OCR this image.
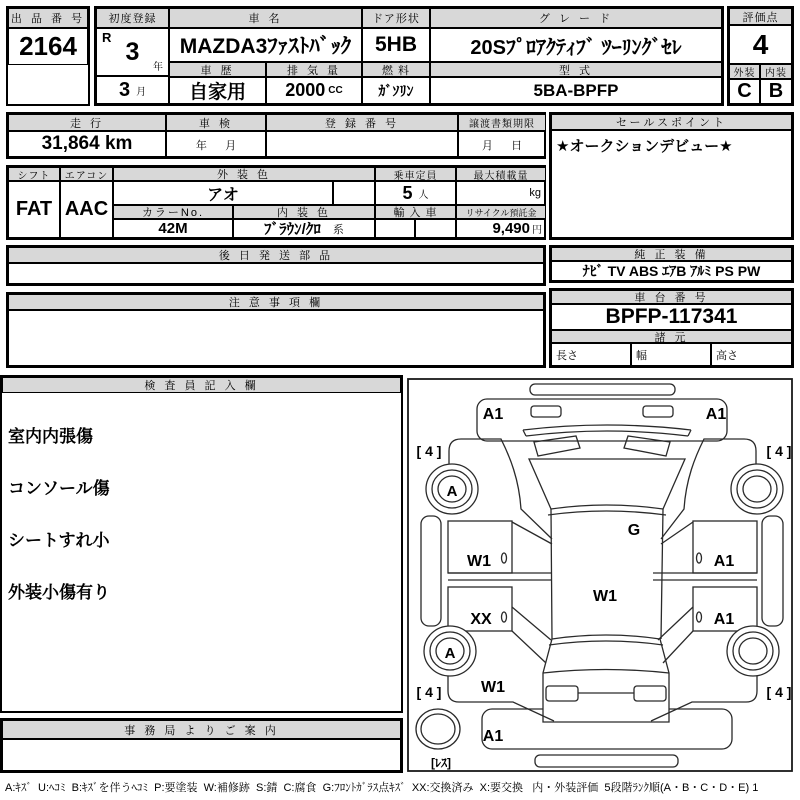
出 品 番 号
2164
初度登録
R 3
年
3 月
車 名
MAZDA3ﾌｧｽﾄﾊﾞｯｸ
ドア形状
5HB
グ レ ー ド
20Sﾌﾟﾛｱｸﾃｨﾌﾞ ﾂｰﾘﾝｸﾞｾﾚ
車 歴
自家用
排 気 量
2000 CC
燃 料
ｶﾞｿﾘﾝ
型 式
5BA-BPFP
評価点
4
外装 内装
C B
走 行
31,864 km
車 検
年      月
登 録 番 号	譲渡書類期限
月      日
セールスポイント
★オークションデビュー★
シフト
FAT
エアコン
AAC
外 装 色
アオ
カラーNo.
42M
内 装 色
ﾌﾞﾗｳﾝ/ｸﾛ 系
乗車定員
5 人
輸 入 車
最大積載量
kg
リサイクル預託金
9,490 円
後 日 発 送 部 品	純 正 装 備
ﾅﾋﾞ TV ABS ｴｱB ｱﾙﾐ PS PW
注 意 事 項 欄	車 台 番 号
BPFP-117341
諸 元
長さ	幅	高さ
検 査 員 記 入 欄

室内内張傷

コンソール傷

シートすれ小

外装小傷有り

事 務 局 よ り ご 案 内
A:ｷｽﾞ  U:ﾍｺﾐ  B:ｷｽﾞを伴うﾍｺﾐ  P:要塗装  W:補修跡  S:錆  C:腐食  G:ﾌﾛﾝﾄｶﾞﾗｽ点ｷｽﾞ  XX:交換済み  X:要交換   内・外装評価  5段階ﾗﾝｸ順(A・B・C・D・E) 1
A1	A1
[ 4 ]	[ 4 ]
A
G
W1	A1
W1
XX	A1
A
W1
[ 4 ]	[ 4 ]
A1
[ﾚｽ]
